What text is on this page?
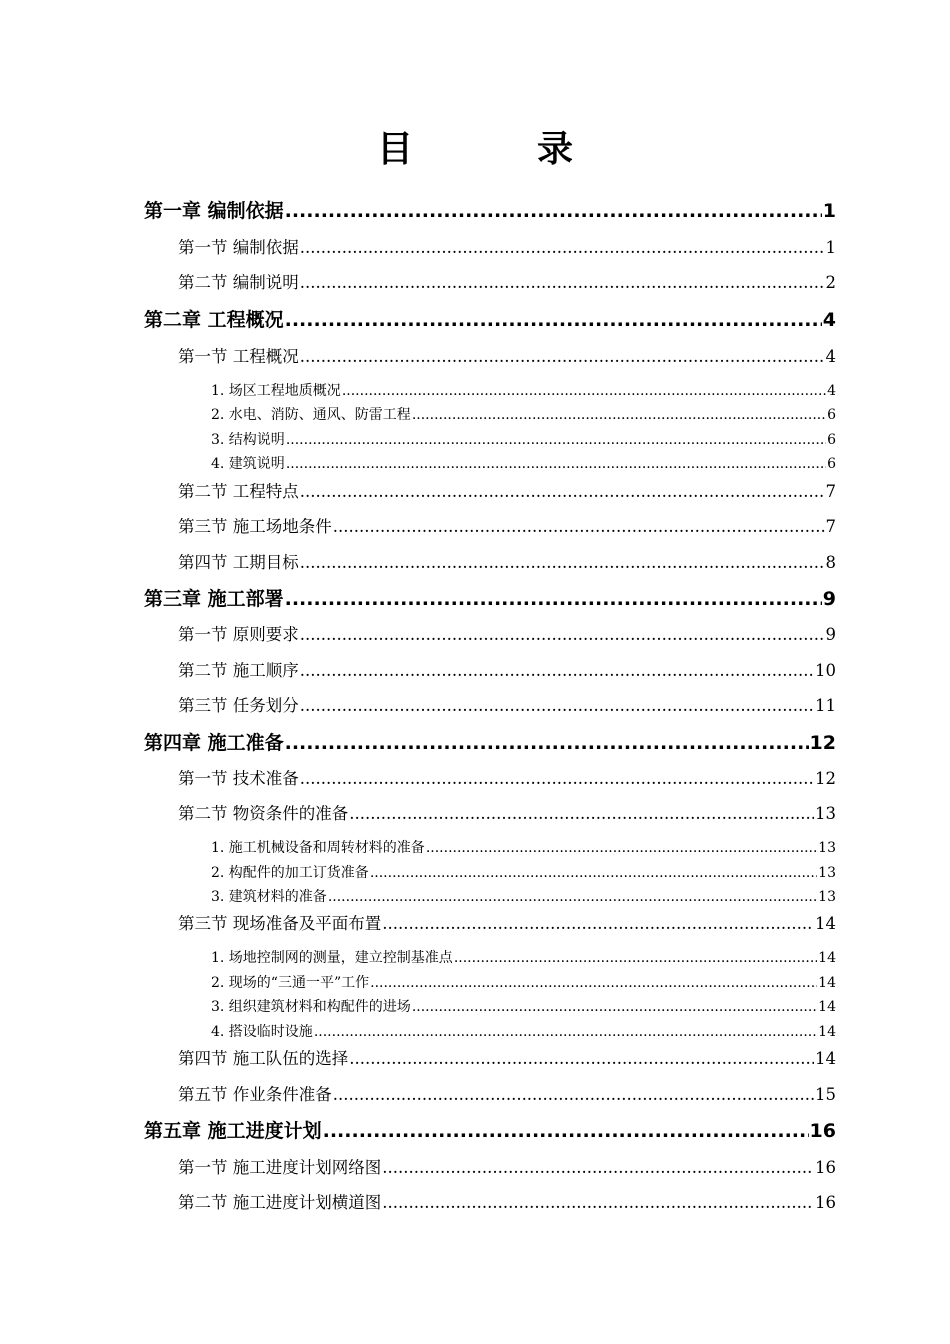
目　录
第一章 编制依据 .....	1
第一节 编制依据 .....	1
第二节 编制说明 .....	2
第二章 工程概况 .....	4
第一节 工程概况 .....	4
1. 场区工程地质概况 .....	4
2. 水电、消防、通风、防雷工程 .....	6
3. 结构说明 .....	6
4. 建筑说明 .....	6
第二节 工程特点 .....	7
第三节 施工场地条件 .....	7
第四节 工期目标 .....	8
第三章 施工部署 .....	9
第一节 原则要求 .....	9
第二节 施工顺序 .....	10
第三节 任务划分 .....	11
第四章 施工准备 .....	12
第一节 技术准备 .....	12
第二节 物资条件的准备 .....	13
1. 施工机械设备和周转材料的准备 .....	13
2. 构配件的加工订货准备 .....	13
3. 建筑材料的准备 .....	13
第三节 现场准备及平面布置 .....	14
1. 场地控制网的测量，建立控制基准点 .....	14
2. 现场的“三通一平”工作 .....	14
3. 组织建筑材料和构配件的进场 .....	14
4. 搭设临时设施 .....	14
第四节 施工队伍的选择 .....	14
第五节 作业条件准备 .....	15
第五章 施工进度计划 .....	16
第一节 施工进度计划网络图 .....	16
第二节 施工进度计划横道图 .....	16
